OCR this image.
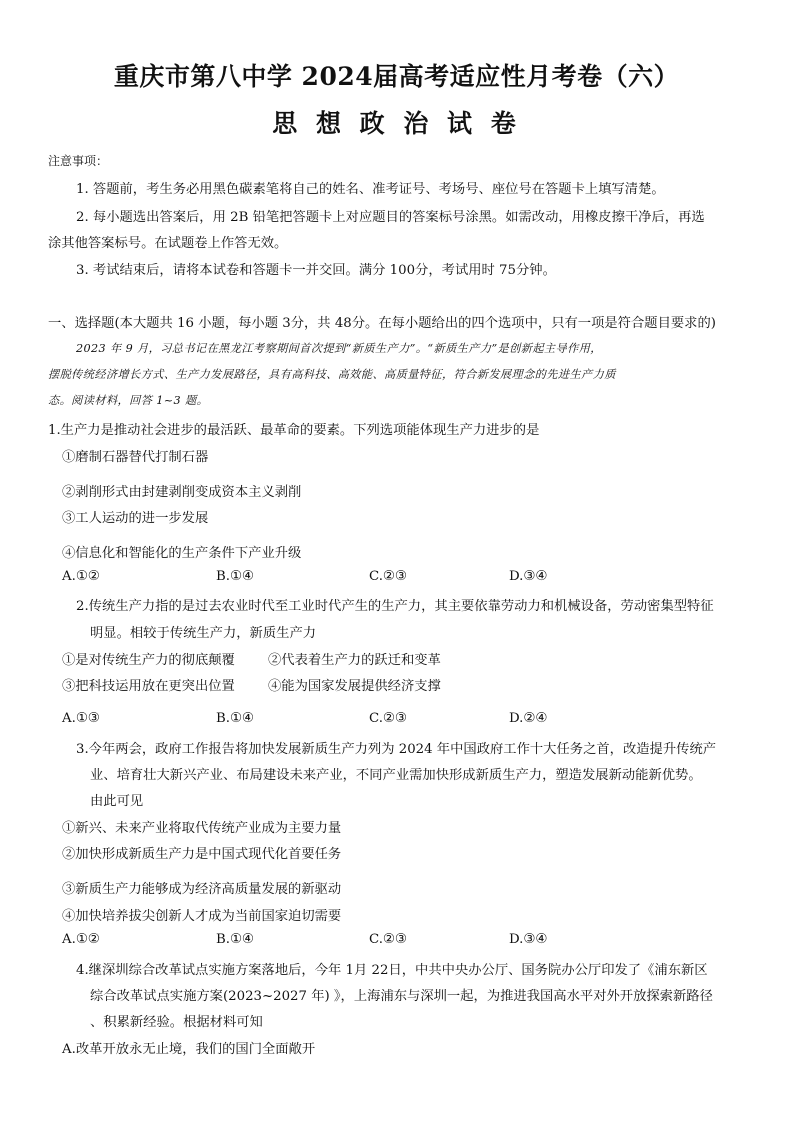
重庆市第八中学 2024届高考适应性月考卷（六）
思 想 政 治 试 卷
注意事项：
1. 答题前，考生务必用黑色碳素笔将自己的姓名、准考证号、考场号、座位号在答题卡上填写清楚。
2. 每小题选出答案后，用 2B 铅笔把答题卡上对应题目的答案标号涂黑。如需改动，用橡皮擦干净后，再选
涂其他答案标号。在试题卷上作答无效。
3. 考试结束后，请将本试卷和答题卡一并交回。满分 100分，考试用时 75分钟。
一、选择题(本大题共 16 小题，每小题 3分，共 48分。在每小题给出的四个选项中，只有一项是符合题目要求的)
2023 年 9 月，习总书记在黑龙江考察期间首次提到“新质生产力”。“新质生产力”是创新起主导作用，
摆脱传统经济增长方式、生产力发展路径，具有高科技、高效能、高质量特征，符合新发展理念的先进生产力质
态。阅读材料，回答 1~3 题。
1.生产力是推动社会进步的最活跃、最革命的要素。下列选项能体现生产力进步的是
①磨制石器替代打制石器
②剥削形式由封建剥削变成资本主义剥削
③工人运动的进一步发展
④信息化和智能化的生产条件下产业升级
A.①②	B.①④	C.②③	D.③④
2.传统生产力指的是过去农业时代至工业时代产生的生产力，其主要依靠劳动力和机械设备，劳动密集型特征
明显。相较于传统生产力，新质生产力
①是对传统生产力的彻底颠覆 ②代表着生产力的跃迁和变革
③把科技运用放在更突出位置 ④能为国家发展提供经济支撑
A.①③	B.①④	C.②③	D.②④
3.今年两会，政府工作报告将加快发展新质生产力列为 2024 年中国政府工作十大任务之首，改造提升传统产
业、培育壮大新兴产业、布局建设未来产业，不同产业需加快形成新质生产力，塑造发展新动能新优势。
由此可见
①新兴、未来产业将取代传统产业成为主要力量
②加快形成新质生产力是中国式现代化首要任务
③新质生产力能够成为经济高质量发展的新驱动
④加快培养拔尖创新人才成为当前国家迫切需要
A.①②	B.①④	C.②③	D.③④
4.继深圳综合改革试点实施方案落地后，今年 1月 22日，中共中央办公厅、国务院办公厅印发了《浦东新区
综合改革试点实施方案(2023~2027 年) 》，上海浦东与深圳一起，为推进我国高水平对外开放探索新路径
、积累新经验。根据材料可知
A.改革开放永无止境，我们的国门全面敞开
